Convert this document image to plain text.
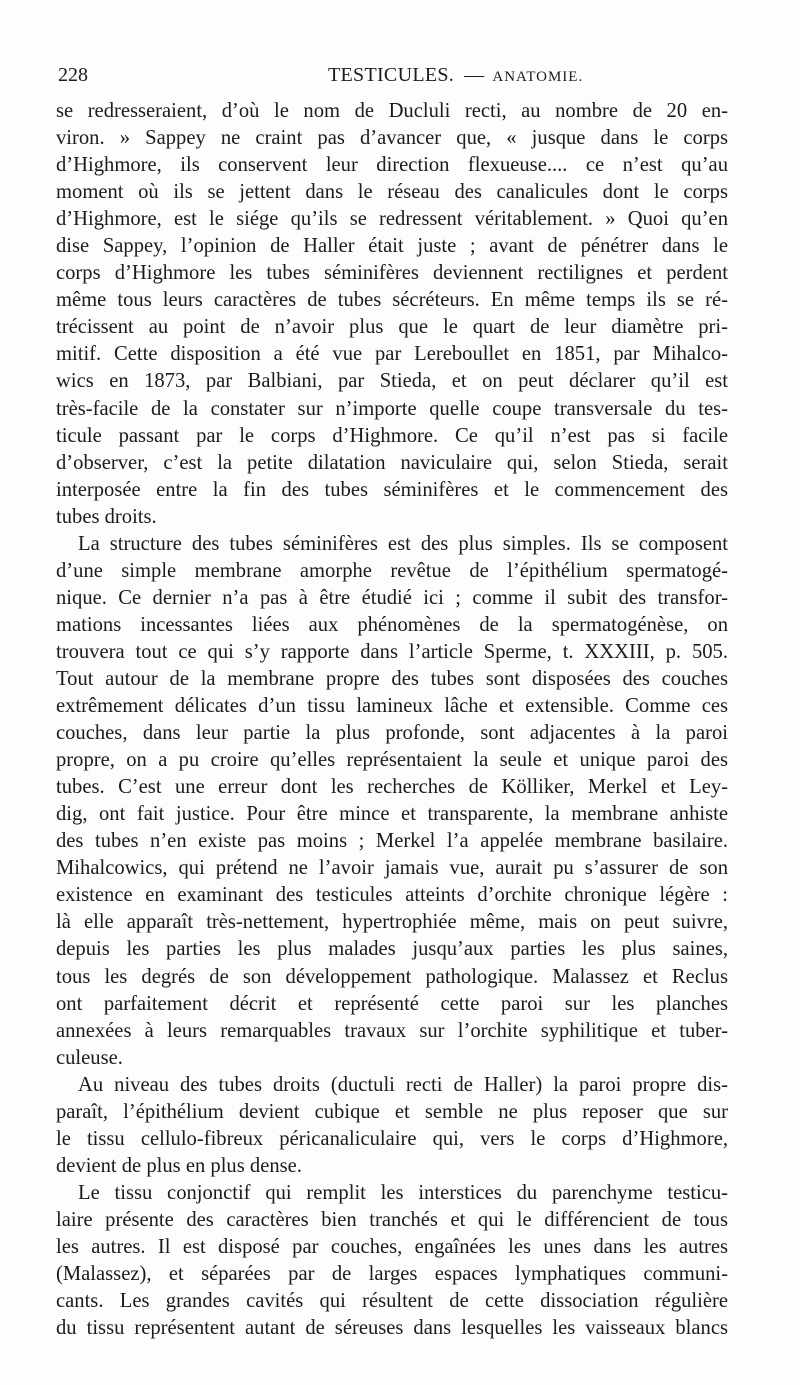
228	TESTICULES. — ANATOMIE.
se redresseraient, d’où le nom de Ducluli recti, au nombre de 20 en-
viron. » Sappey ne craint pas d’avancer que, « jusque dans le corps
d’Highmore, ils conservent leur direction flexueuse.... ce n’est qu’au
moment où ils se jettent dans le réseau des canalicules dont le corps
d’Highmore, est le siége qu’ils se redressent véritablement. » Quoi qu’en
dise Sappey, l’opinion de Haller était juste ; avant de pénétrer dans le
corps d’Highmore les tubes séminifères deviennent rectilignes et perdent
même tous leurs caractères de tubes sécréteurs. En même temps ils se ré-
trécissent au point de n’avoir plus que le quart de leur diamètre pri-
mitif. Cette disposition a été vue par Lereboullet en 1851, par Mihalco-
wics en 1873, par Balbiani, par Stieda, et on peut déclarer qu’il est
très-facile de la constater sur n’importe quelle coupe transversale du tes-
ticule passant par le corps d’Highmore. Ce qu’il n’est pas si facile
d’observer, c’est la petite dilatation naviculaire qui, selon Stieda, serait
interposée entre la fin des tubes séminifères et le commencement des
tubes droits.
La structure des tubes séminifères est des plus simples. Ils se composent
d’une simple membrane amorphe revêtue de l’épithélium spermatogé-
nique. Ce dernier n’a pas à être étudié ici ; comme il subit des transfor-
mations incessantes liées aux phénomènes de la spermatogénèse, on
trouvera tout ce qui s’y rapporte dans l’article Sperme, t. XXXIII, p. 505.
Tout autour de la membrane propre des tubes sont disposées des couches
extrêmement délicates d’un tissu lamineux lâche et extensible. Comme ces
couches, dans leur partie la plus profonde, sont adjacentes à la paroi
propre, on a pu croire qu’elles représentaient la seule et unique paroi des
tubes. C’est une erreur dont les recherches de Kölliker, Merkel et Ley-
dig, ont fait justice. Pour être mince et transparente, la membrane anhiste
des tubes n’en existe pas moins ; Merkel l’a appelée membrane basilaire.
Mihalcowics, qui prétend ne l’avoir jamais vue, aurait pu s’assurer de son
existence en examinant des testicules atteints d’orchite chronique légère :
là elle apparaît très-nettement, hypertrophiée même, mais on peut suivre,
depuis les parties les plus malades jusqu’aux parties les plus saines,
tous les degrés de son développement pathologique. Malassez et Reclus
ont parfaitement décrit et représenté cette paroi sur les planches
annexées à leurs remarquables travaux sur l’orchite syphilitique et tuber-
culeuse.
Au niveau des tubes droits (ductuli recti de Haller) la paroi propre dis-
paraît, l’épithélium devient cubique et semble ne plus reposer que sur
le tissu cellulo-fibreux péricanaliculaire qui, vers le corps d’Highmore,
devient de plus en plus dense.
Le tissu conjonctif qui remplit les interstices du parenchyme testicu-
laire présente des caractères bien tranchés et qui le différencient de tous
les autres. Il est disposé par couches, engaînées les unes dans les autres
(Malassez), et séparées par de larges espaces lymphatiques communi-
cants. Les grandes cavités qui résultent de cette dissociation régulière
du tissu représentent autant de séreuses dans lesquelles les vaisseaux blancs
